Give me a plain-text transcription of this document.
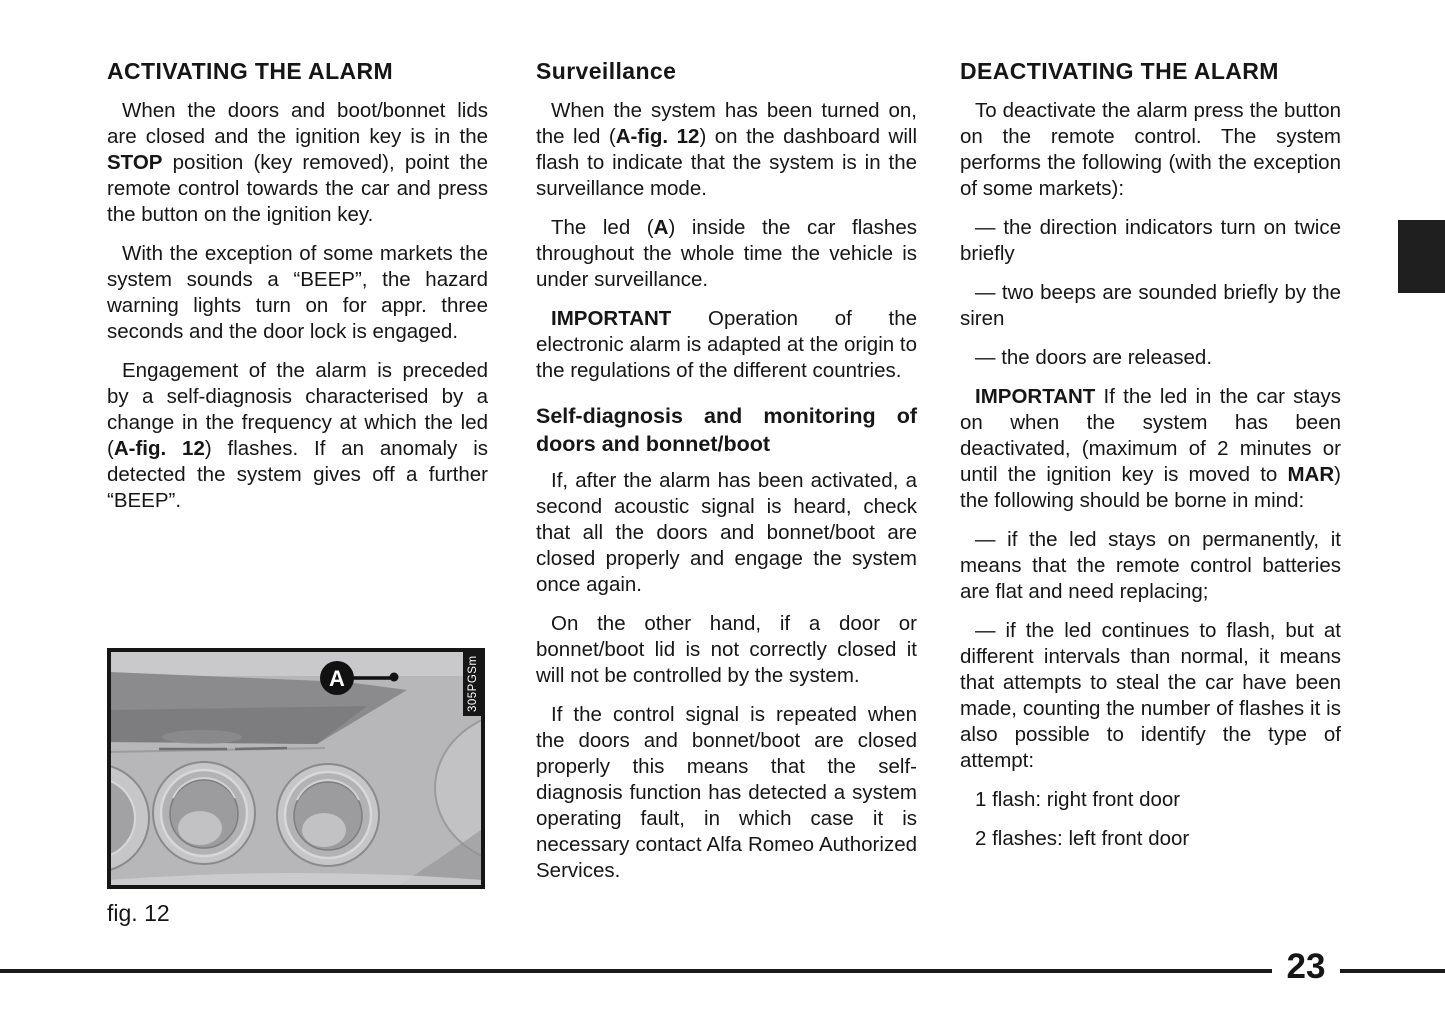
ACTIVATING THE ALARM

When the doors and boot/bonnet lids are closed and the ignition key is in the STOP position (key removed), point the remote control towards the car and press the button on the ignition key.

With the exception of some markets the system sounds a “BEEP”, the hazard warning lights turn on for appr. three seconds and the door lock is engaged.

Engagement of the alarm is preceded by a self-diagnosis characterised by a change in the frequency at which the led (A-fig. 12) flashes. If an anomaly is detected the system gives off a further “BEEP”.

Surveillance

When the system has been turned on, the led (A-fig. 12) on the dashboard will flash to indicate that the system is in the surveillance mode.

The led (A) inside the car flashes throughout the whole time the vehicle is under surveillance.

IMPORTANT Operation of the electronic alarm is adapted at the origin to the regulations of the different countries.

Self-diagnosis and monitoring of doors and bonnet/boot

If, after the alarm has been activated, a second acoustic signal is heard, check that all the doors and bonnet/boot are closed properly and engage the system once again.

On the other hand, if a door or bonnet/boot lid is not correctly closed it will not be controlled by the system.

If the control signal is repeated when the doors and bonnet/boot are closed properly this means that the self-diagnosis function has detected a system operating fault, in which case it is necessary contact Alfa Romeo Authorized Services.

DEACTIVATING THE ALARM

To deactivate the alarm press the button on the remote control. The system performs the following (with the exception of some markets):

— the direction indicators turn on twice briefly

— two beeps are sounded briefly by the siren

— the doors are released.

IMPORTANT If the led in the car stays on when the system has been deactivated, (maximum of 2 minutes or until the ignition key is moved to MAR) the following should be borne in mind:

— if the led stays on permanently, it means that the remote control batteries are flat and need replacing;

— if the led continues to flash, but at different intervals than normal, it means that attempts to steal the car have been made, counting the number of flashes it is also possible to identify the type of attempt:

1 flash: right front door

2 flashes: left front door

A	305PGSm
fig. 12
23
